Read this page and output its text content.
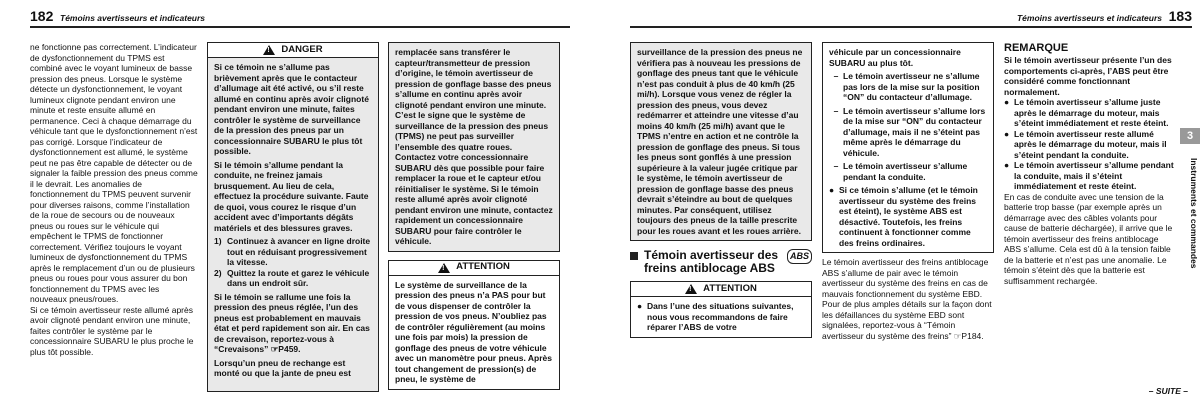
182 Témoins avertisseurs et indicateurs

ne fonctionne pas correctement. L’indicateur de dysfonctionnement du TPMS est combiné avec le voyant lumineux de basse pression des pneus. Lorsque le système détecte un dysfonctionnement, le voyant lumineux clignote pendant environ une minute et reste ensuite allumé en permanence. Ceci à chaque démarrage du véhicule tant que le dysfonctionnement n’est pas corrigé. Lorsque l’indicateur de dysfonctionnement est allumé, le système peut ne pas être capable de détecter ou de signaler la faible pression des pneus comme il le devrait. Les anomalies de fonctionnement du TPMS peuvent survenir pour diverses raisons, comme l’installation de la roue de secours ou de nouveaux pneus ou roues sur le véhicule qui empêchent le TPMS de fonctionner correctement. Vérifiez toujours le voyant lumineux de dysfonctionnement du TPMS après le remplacement d’un ou de plusieurs pneus ou roues pour vous assurer du bon fonctionnement du TPMS avec les nouveaux pneus/roues.

Si ce témoin avertisseur reste allumé après avoir clignoté pendant environ une minute, faites contrôler le système par le concessionnaire SUBARU le plus proche le plus tôt possible.

!
DANGER

Si ce témoin ne s’allume pas brièvement après que le contacteur d’allumage ait été activé, ou s’il reste allumé en continu après avoir clignoté pendant environ une minute, faites contrôler le système de surveillance de la pression des pneus par un concessionnaire SUBARU le plus tôt possible.

Si le témoin s’allume pendant la conduite, ne freinez jamais brusquement. Au lieu de cela, effectuez la procédure suivante. Faute de quoi, vous courez le risque d’un accident avec d’importants dégâts matériels et des blessures graves.

1) Continuez à avancer en ligne droite tout en réduisant progressivement la vitesse.
2) Quittez la route et garez le véhicule dans un endroit sûr.

Si le témoin se rallume une fois la pression des pneus réglée, l’un des pneus est probablement en mauvais état et perd rapidement son air. En cas de crevaison, reportez-vous à “Crevaisons” ☞P459.

Lorsqu’un pneu de rechange est monté ou que la jante de pneu est

remplacée sans transférer le capteur/transmetteur de pression d’origine, le témoin avertisseur de pression de gonflage basse des pneus s’allume en continu après avoir clignoté pendant environ une minute. C’est le signe que le système de surveillance de la pression des pneus (TPMS) ne peut pas surveiller l’ensemble des quatre roues. Contactez votre concessionnaire SUBARU dès que possible pour faire remplacer la roue et le capteur et/ou réinitialiser le système. Si le témoin reste allumé après avoir clignoté pendant environ une minute, contactez rapidement un concessionnaire SUBARU pour faire contrôler le véhicule.

!
ATTENTION

Le système de surveillance de la pression des pneus n’a PAS pour but de vous dispenser de contrôler la pression de vos pneus. N’oubliez pas de contrôler régulièrement (au moins une fois par mois) la pression de gonflage des pneus de votre véhicule avec un manomètre pour pneus. Après tout changement de pression(s) de pneu, le système de

Témoins avertisseurs et indicateurs 183

surveillance de la pression des pneus ne vérifiera pas à nouveau les pressions de gonflage des pneus tant que le véhicule n’est pas conduit à plus de 40 km/h (25 mi/h). Lorsque vous venez de régler la pression des pneus, vous devez redémarrer et atteindre une vitesse d’au moins 40 km/h (25 mi/h) avant que le TPMS n’entre en action et ne contrôle la pression de gonflage des pneus. Si tous les pneus sont gonflés à une pression supérieure à la valeur jugée critique par le système, le témoin avertisseur de pression de gonflage basse des pneus devrait s’éteindre au bout de quelques minutes. Par conséquent, utilisez toujours des pneus de la taille prescrite pour les roues avant et les roues arrière.

Témoin avertisseur des freins antiblocage ABS
ABS
!
ATTENTION
● Dans l’une des situations suivantes, nous vous recommandons de faire réparer l’ABS de votre

véhicule par un concessionnaire SUBARU au plus tôt.

– Le témoin avertisseur ne s’allume pas lors de la mise sur la position “ON” du contacteur d’allumage.
– Le témoin avertisseur s’allume lors de la mise sur “ON” du contacteur d’allumage, mais il ne s’éteint pas même après le démarrage du véhicule.
– Le témoin avertisseur s’allume pendant la conduite.
● Si ce témoin s’allume (et le témoin avertisseur du système des freins est éteint), le système ABS est désactivé. Toutefois, les freins continuent à fonctionner comme des freins ordinaires.

Le témoin avertisseur des freins antiblocage ABS s’allume de pair avec le témoin avertisseur du système des freins en cas de mauvais fonctionnement du système EBD. Pour de plus amples détails sur la façon dont les défaillances du système EBD sont signalées, reportez-vous à “Témoin avertisseur du système des freins” ☞P184.

REMARQUE

Si le témoin avertisseur présente l’un des comportements ci-après, l’ABS peut être considéré comme fonctionnant normalement.

● Le témoin avertisseur s’allume juste après le démarrage du moteur, mais s’éteint immédiatement et reste éteint.
● Le témoin avertisseur reste allumé après le démarrage du moteur, mais il s’éteint pendant la conduite.
● Le témoin avertisseur s’allume pendant la conduite, mais il s’éteint immédiatement et reste éteint.

En cas de conduite avec une tension de la batterie trop basse (par exemple après un démarrage avec des câbles volants pour cause de batterie déchargée), il arrive que le témoin avertisseur des freins antiblocage ABS s’allume. Cela est dû à la tension faible de la batterie et n’est pas une anomalie. Le témoin s’éteint dès que la batterie est suffisamment rechargée.

3
Instruments et commandes
– SUITE –
